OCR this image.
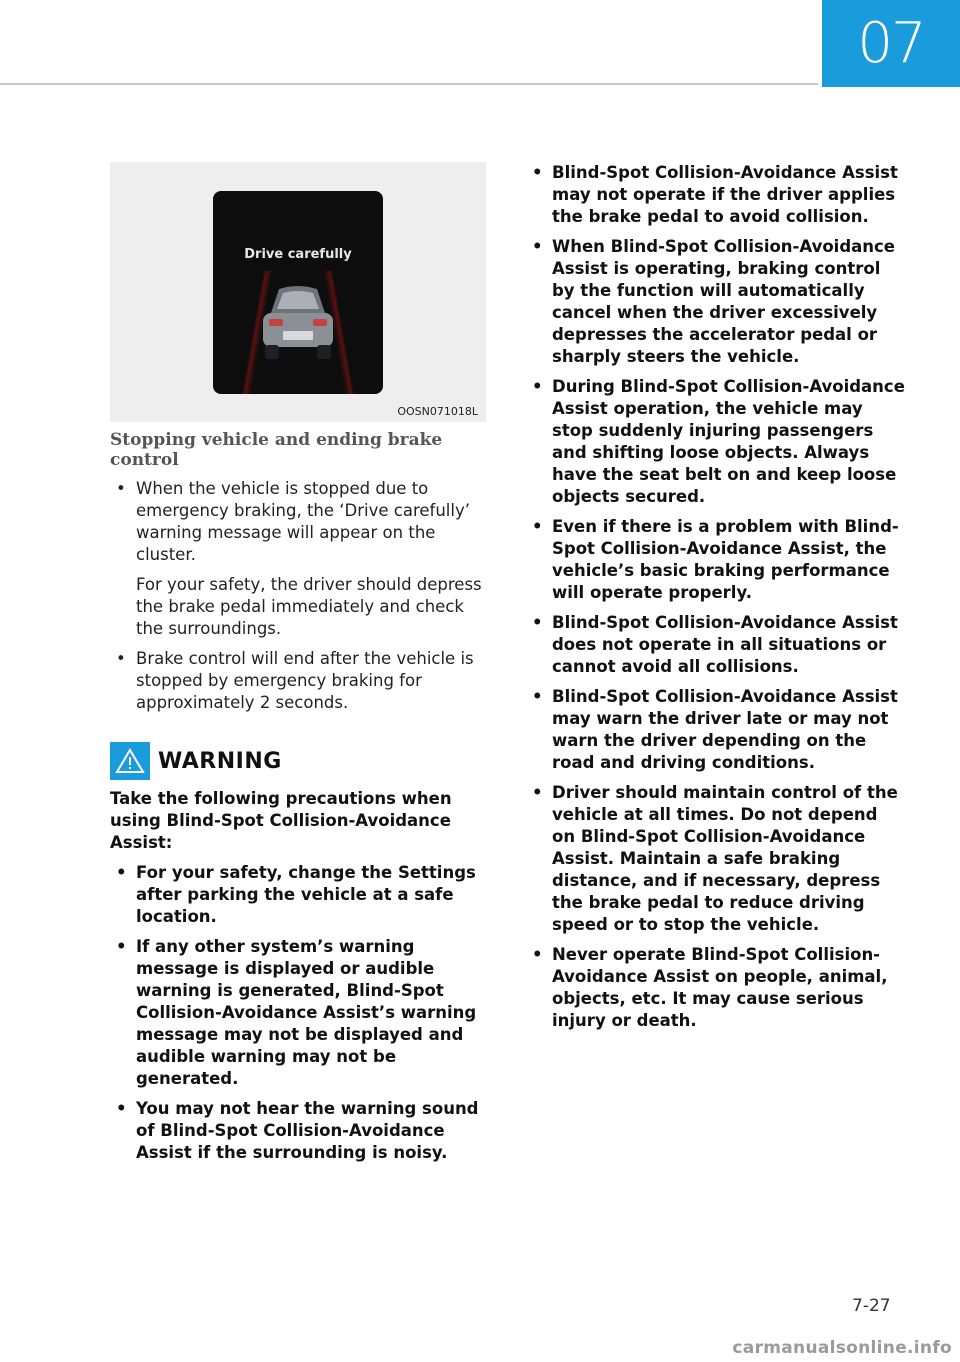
07
Drive carefully
OOSN071018L
Stopping vehicle and ending brake control
• When the vehicle is stopped due to emergency braking, the ‘Drive carefully’ warning message will appear on the cluster.
For your safety, the driver should depress the brake pedal immediately and check the surroundings.
• Brake control will end after the vehicle is stopped by emergency braking for approximately 2 seconds.
WARNING

Take the following precautions when using Blind-Spot Collision-Avoidance Assist:

• For your safety, change the Settings after parking the vehicle at a safe location.
• If any other system’s warning message is displayed or audible warning is generated, Blind-Spot Collision-Avoidance Assist’s warning message may not be displayed and audible warning may not be generated.
• You may not hear the warning sound of Blind-Spot Collision-Avoidance Assist if the surrounding is noisy.
• Blind-Spot Collision-Avoidance Assist may not operate if the driver applies the brake pedal to avoid collision.
• When Blind-Spot Collision-Avoidance Assist is operating, braking control by the function will automatically cancel when the driver excessively depresses the accelerator pedal or sharply steers the vehicle.
• During Blind-Spot Collision-Avoidance Assist operation, the vehicle may stop suddenly injuring passengers and shifting loose objects. Always have the seat belt on and keep loose objects secured.
• Even if there is a problem with Blind-Spot Collision-Avoidance Assist, the vehicle’s basic braking performance will operate properly.
• Blind-Spot Collision-Avoidance Assist does not operate in all situations or cannot avoid all collisions.
• Blind-Spot Collision-Avoidance Assist may warn the driver late or may not warn the driver depending on the road and driving conditions.
• Driver should maintain control of the vehicle at all times. Do not depend on Blind-Spot Collision-Avoidance Assist. Maintain a safe braking distance, and if necessary, depress the brake pedal to reduce driving speed or to stop the vehicle.
• Never operate Blind-Spot Collision-Avoidance Assist on people, animal, objects, etc. It may cause serious injury or death.
7-27
carmanualsonline.info
